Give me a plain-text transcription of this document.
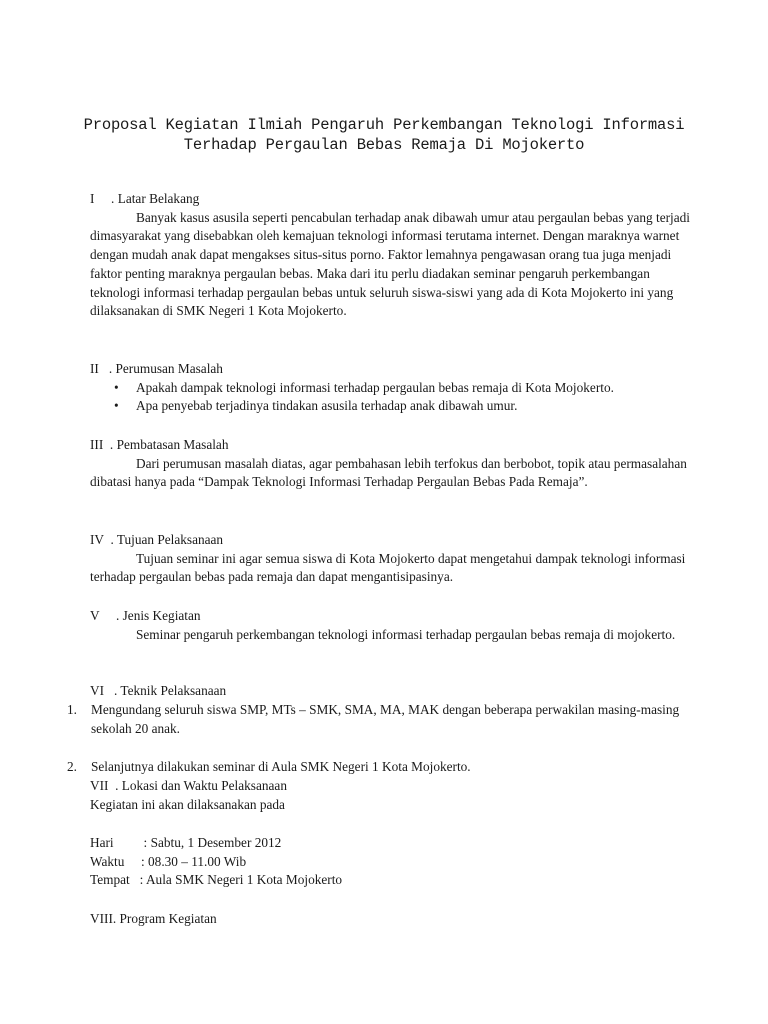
Proposal Kegiatan Ilmiah Pengaruh Perkembangan Teknologi Informasi
Terhadap Pergaulan Bebas Remaja Di Mojokerto
I     . Latar Belakang
Banyak kasus asusila seperti pencabulan terhadap anak dibawah umur atau pergaulan bebas yang terjadi dimasyarakat yang disebabkan oleh kemajuan teknologi informasi terutama internet. Dengan maraknya warnet dengan mudah anak dapat mengakses situs-situs porno. Faktor lemahnya pengawasan orang tua juga menjadi faktor penting maraknya pergaulan bebas. Maka dari itu perlu diadakan seminar pengaruh perkembangan teknologi informasi terhadap pergaulan bebas untuk seluruh siswa-siswi yang ada di Kota Mojokerto ini yang dilaksanakan di SMK Negeri 1 Kota Mojokerto.
II   . Perumusan Masalah
• Apakah dampak teknologi informasi terhadap pergaulan bebas remaja di Kota Mojokerto.
• Apa penyebab terjadinya tindakan asusila terhadap anak dibawah umur.
III  . Pembatasan Masalah
Dari perumusan masalah diatas, agar pembahasan lebih terfokus dan berbobot, topik atau permasalahan dibatasi hanya pada “Dampak Teknologi Informasi Terhadap Pergaulan Bebas Pada Remaja”.
IV  . Tujuan Pelaksanaan
Tujuan seminar ini agar semua siswa di Kota Mojokerto dapat mengetahui dampak teknologi informasi terhadap pergaulan bebas pada remaja dan dapat mengantisipasinya.
V     . Jenis Kegiatan
Seminar pengaruh perkembangan teknologi informasi terhadap pergaulan bebas remaja di mojokerto.
VI   . Teknik Pelaksanaan
1.	Mengundang seluruh siswa SMP, MTs – SMK, SMA, MA, MAK dengan beberapa perwakilan masing-masing sekolah 20 anak.
2.	Selanjutnya dilakukan seminar di Aula SMK Negeri 1 Kota Mojokerto.
VII  . Lokasi dan Waktu Pelaksanaan
Kegiatan ini akan dilaksanakan pada
Hari         : Sabtu, 1 Desember 2012
Waktu     : 08.30 – 11.00 Wib
Tempat   : Aula SMK Negeri 1 Kota Mojokerto
VIII. Program Kegiatan
